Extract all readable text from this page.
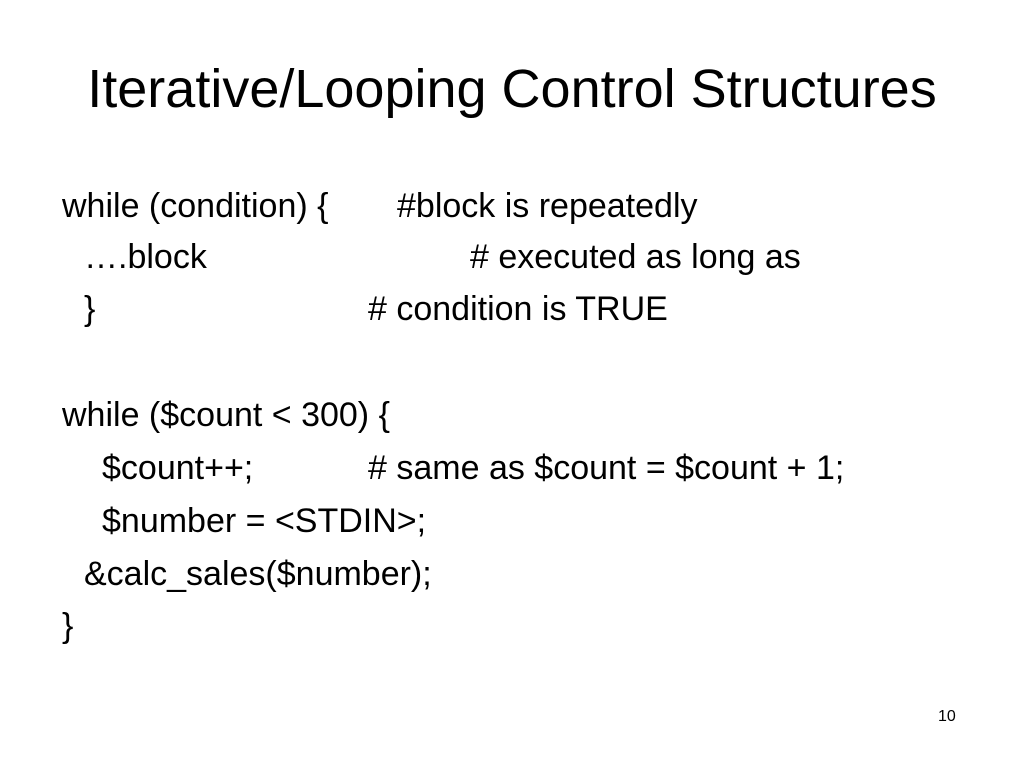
Iterative/Looping Control Structures
while (condition) { #block is repeatedly
….block	# executed as long as
}	# condition is TRUE
while ($count < 300) {
$count++;	# same as $count = $count + 1;
$number = <STDIN>;
&calc_sales($number);
}
10
